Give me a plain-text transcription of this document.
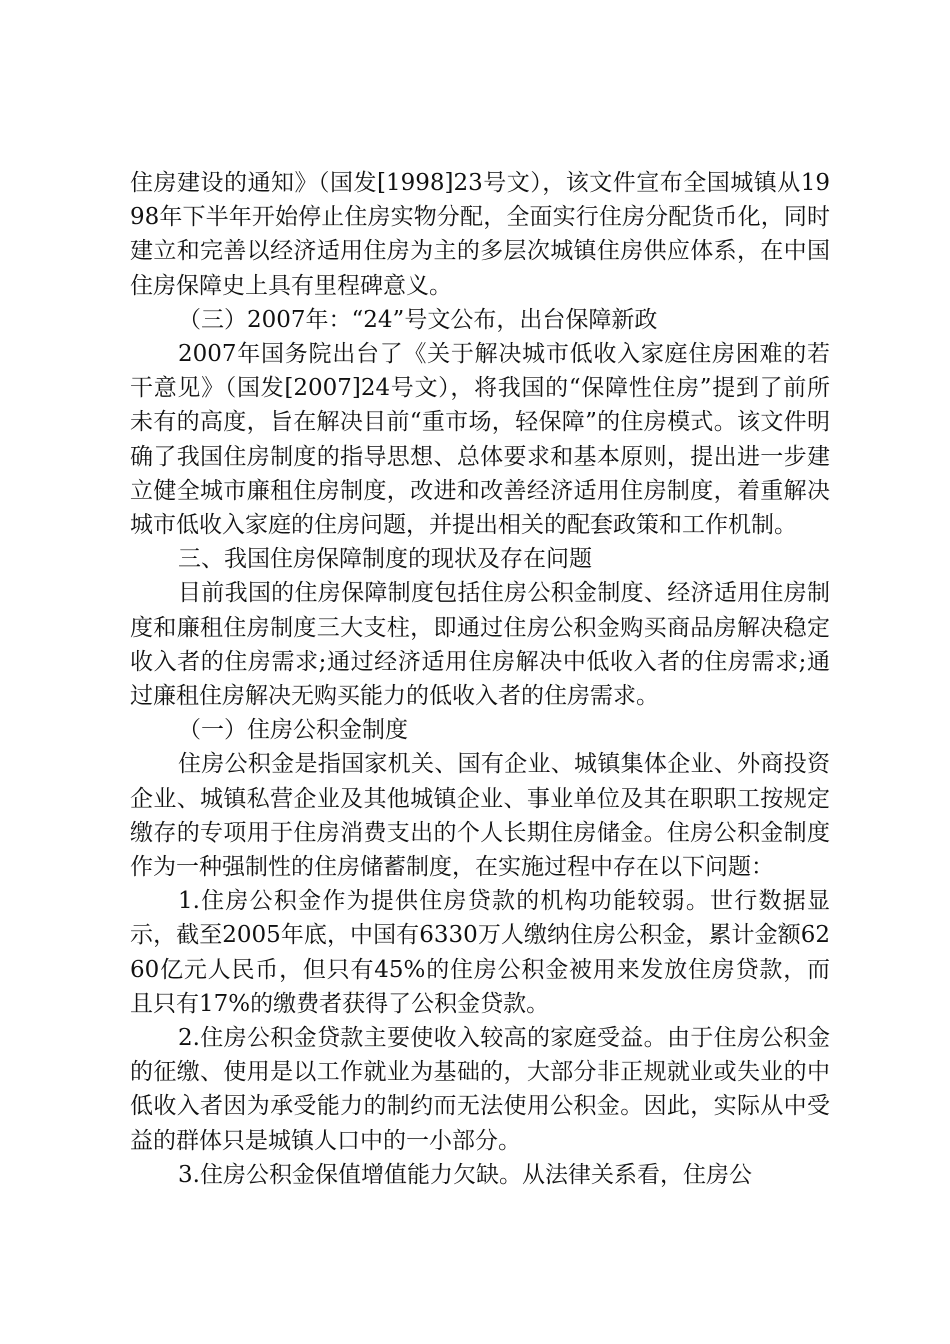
住房建设的通知》（国发[1998]23号文），该文件宣布全国城镇从1998年下半年开始停止住房实物分配，全面实行住房分配货币化，同时建立和完善以经济适用住房为主的多层次城镇住房供应体系，在中国住房保障史上具有里程碑意义。

（三）2007年：“24”号文公布，出台保障新政

2007年国务院出台了《关于解决城市低收入家庭住房困难的若干意见》（国发[2007]24号文），将我国的“保障性住房”提到了前所未有的高度，旨在解决目前“重市场，轻保障”的住房模式。该文件明确了我国住房制度的指导思想、总体要求和基本原则，提出进一步建立健全城市廉租住房制度，改进和改善经济适用住房制度，着重解决城市低收入家庭的住房问题，并提出相关的配套政策和工作机制。

三、我国住房保障制度的现状及存在问题

目前我国的住房保障制度包括住房公积金制度、经济适用住房制度和廉租住房制度三大支柱，即通过住房公积金购买商品房解决稳定收入者的住房需求;通过经济适用住房解决中低收入者的住房需求;通过廉租住房解决无购买能力的低收入者的住房需求。

（一）住房公积金制度

住房公积金是指国家机关、国有企业、城镇集体企业、外商投资企业、城镇私营企业及其他城镇企业、事业单位及其在职职工按规定缴存的专项用于住房消费支出的个人长期住房储金。住房公积金制度作为一种强制性的住房储蓄制度，在实施过程中存在以下问题：

1.住房公积金作为提供住房贷款的机构功能较弱。世行数据显示，截至2005年底，中国有6330万人缴纳住房公积金，累计金额6260亿元人民币，但只有45%的住房公积金被用来发放住房贷款，而且只有17%的缴费者获得了公积金贷款。

2.住房公积金贷款主要使收入较高的家庭受益。由于住房公积金的征缴、使用是以工作就业为基础的，大部分非正规就业或失业的中低收入者因为承受能力的制约而无法使用公积金。因此，实际从中受益的群体只是城镇人口中的一小部分。

3.住房公积金保值增值能力欠缺。从法律关系看，住房公
